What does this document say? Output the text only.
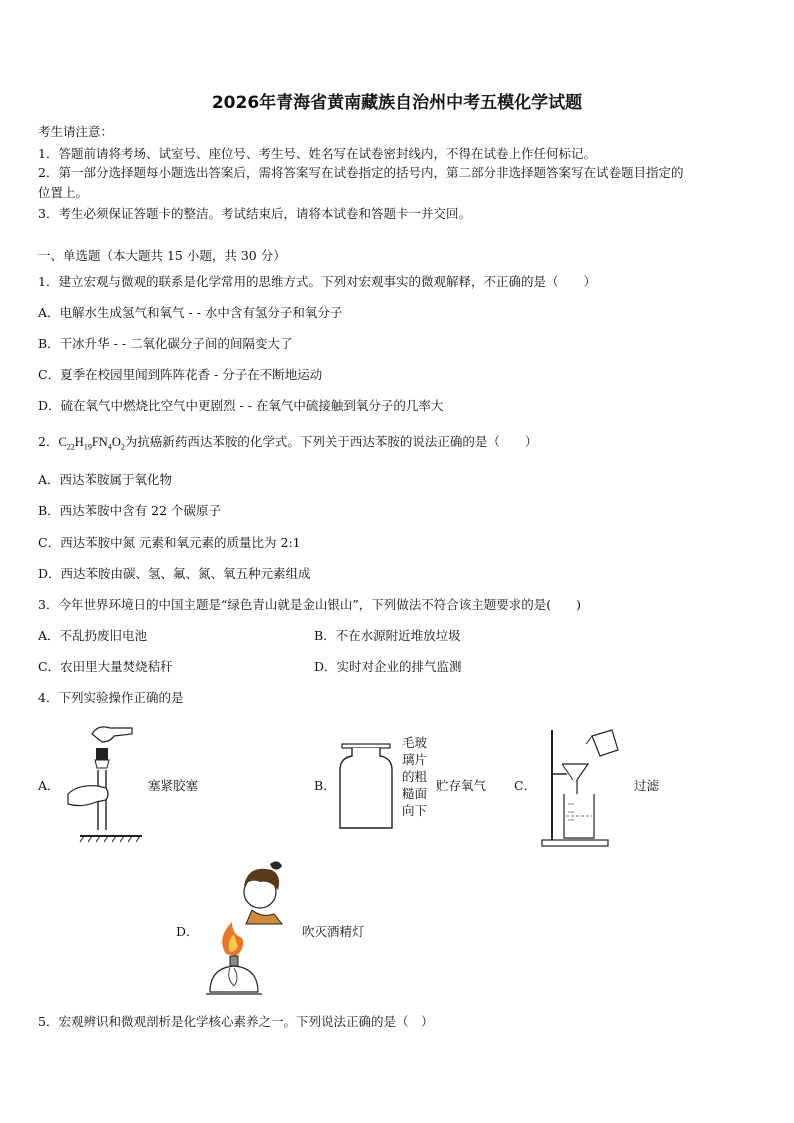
2026年青海省黄南藏族自治州中考五模化学试题
考生请注意：
1．答题前请将考场、试室号、座位号、考生号、姓名写在试卷密封线内，不得在试卷上作任何标记。
2．第一部分选择题每小题选出答案后，需将答案写在试卷指定的括号内，第二部分非选择题答案写在试卷题目指定的
位置上。
3．考生必须保证答题卡的整洁。考试结束后，请将本试卷和答题卡一并交回。
一、单选题（本大题共 15 小题，共 30 分）
1．建立宏观与微观的联系是化学常用的思维方式。下列对宏观事实的微观解释，不正确的是（　　）
A．电解水生成氢气和氧气 - - 水中含有氢分子和氧分子
B．干冰升华 - - 二氧化碳分子间的间隔变大了
C．夏季在校园里闻到阵阵花香 - 分子在不断地运动
D．硫在氧气中燃烧比空气中更剧烈 - - 在氧气中硫接触到氧分子的几率大
2．$C_{22}H_{19}FN_4O_2$为抗癌新药西达苯胺的化学式。下列关于西达苯胺的说法正确的是（　　）
A．西达苯胺属于氧化物
B．西达苯胺中含有 22 个碳原子
C．西达苯胺中氮 元素和氧元素的质量比为 2:1
D．西达苯胺由碳、氢、氟、氮、氧五种元素组成
3．今年世界环境日的中国主题是“绿色青山就是金山银山”，下列做法不符合该主题要求的是(　　)
A．不乱扔废旧电池	B．不在水源附近堆放垃圾
C．农田里大量焚烧秸秆	D．实时对企业的排气监测
4．下列实验操作正确的是
A．	塞紧胶塞	B．
毛玻璃片的粗糙面向下
贮存氧气 C．	过滤
D．	吹灭酒精灯
5．宏观辨识和微观剖析是化学核心素养之一。下列说法正确的是（　）
